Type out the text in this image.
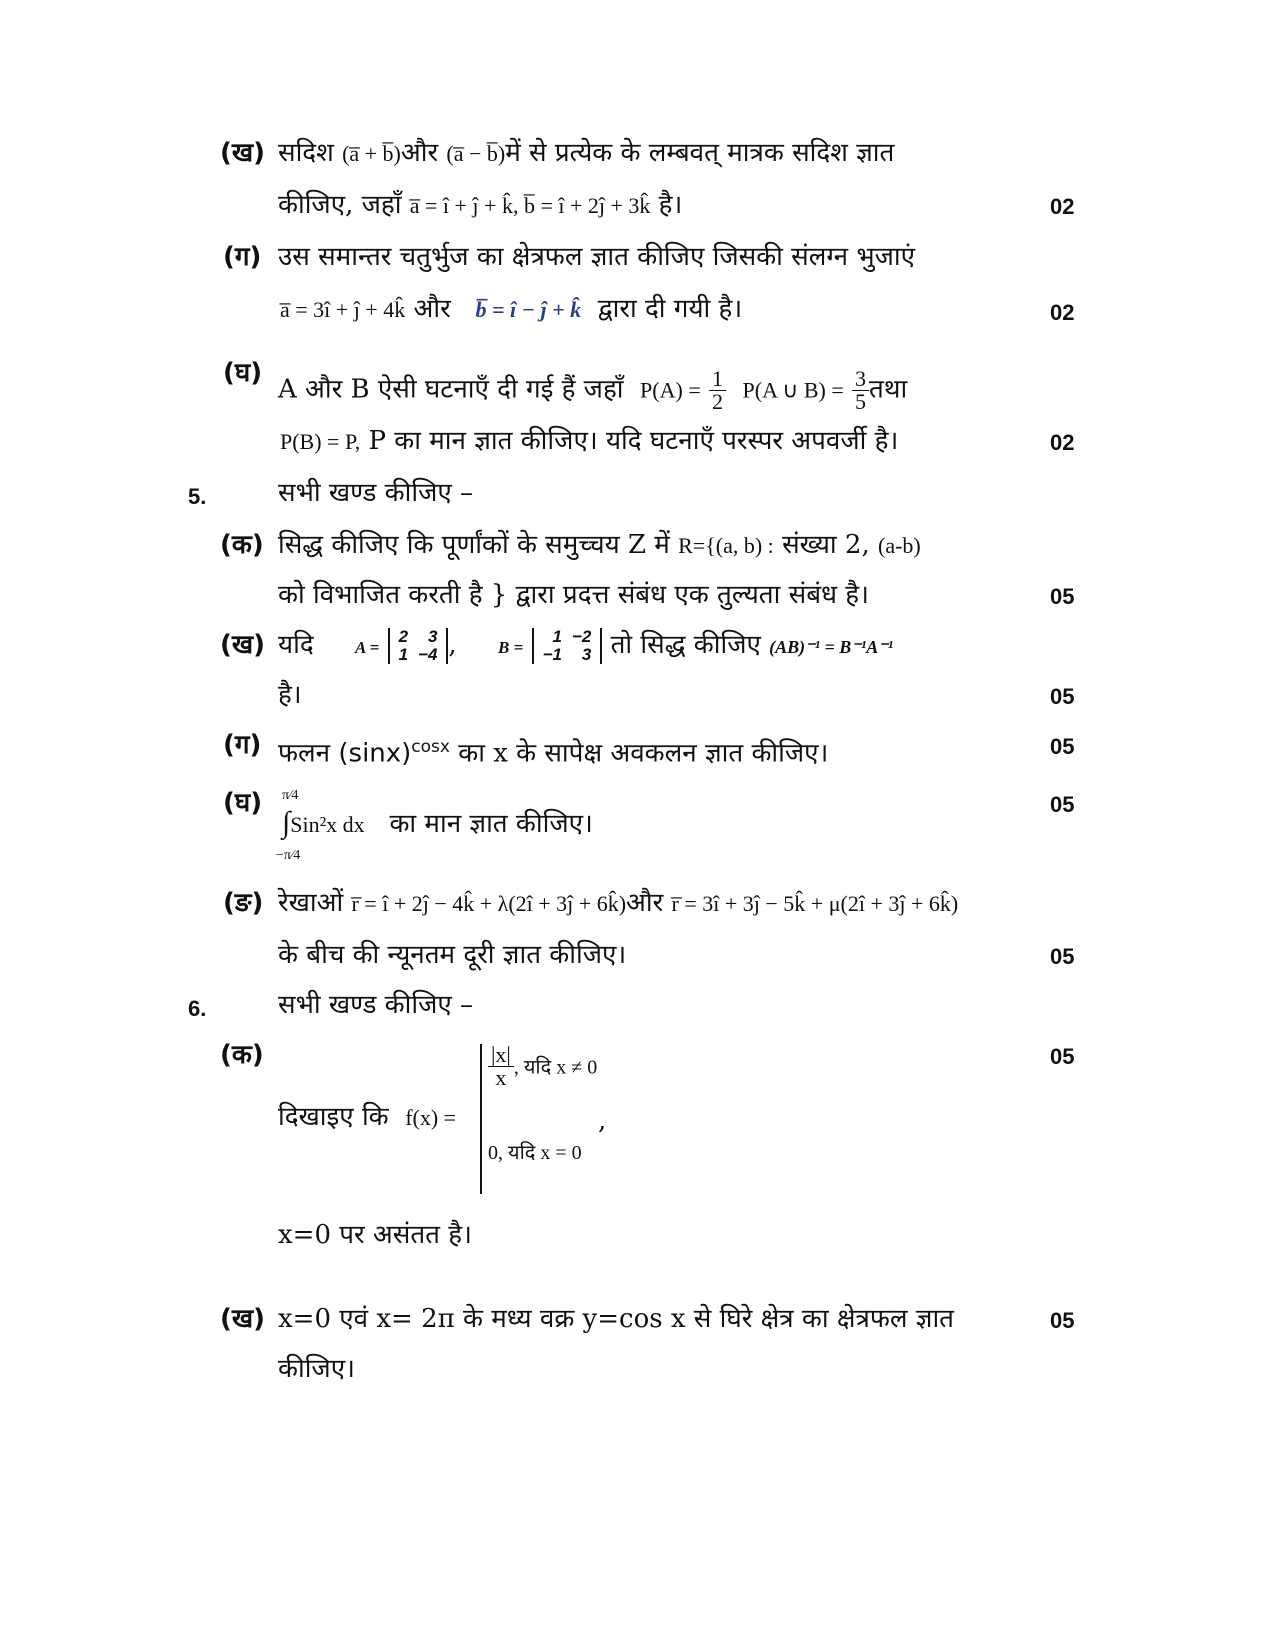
(ख) सदिश (a̅ + b̅)और (a̅ − b̅)में से प्रत्येक के लम्बवत् मात्रक सदिश ज्ञात
कीजिए, जहाँ a̅ = î + ĵ + k̂, b̅ = î + 2ĵ + 3k̂ है।	02
(ग) उस समान्तर चतुर्भुज का क्षेत्रफल ज्ञात कीजिए जिसकी संलग्न भुजाएं
a̅ = 3î + ĵ + 4k̂ और b̅ = î − ĵ + k̂ द्वारा दी गयी है।	02
(घ)
A और B ऐसी घटनाएँ दी गई हैं जहाँ $P(A) = \frac{1}{2} P(A$ ∪ $B) = \frac{3}{5}$ तथा
P(B) = P, P का मान ज्ञात कीजिए। यदि घटनाएँ परस्पर अपवर्जी है।	02
5.	सभी खण्ड कीजिए –
(क) सिद्ध कीजिए कि पूर्णांकों के समुच्चय Z में R={(a, b) : संख्या 2, (a-b)
को विभाजित करती है } द्वारा प्रदत्त संबंध एक तुल्यता संबंध है।	05
(ख) यदि A =
2	3
1	−4 ,     B =
1	−2
−1	3 तो सिद्ध कीजिए (AB)⁻¹ = B⁻¹A⁻¹
है।	05
(ग) फलन $(\sin x)^{cosx}$ का x के सापेक्ष अवकलन ज्ञात कीजिए।	05
(घ) π⁄4
∫Sin²x dx का मान ज्ञात कीजिए।
−π⁄4
05
(ङ) रेखाओं r̅ = î + 2ĵ − 4k̂ + λ(2î + 3ĵ + 6k̂)और r̅ = 3î + 3ĵ − 5k̂ + μ(2î + 3ĵ + 6k̂)
के बीच की न्यूनतम दूरी ज्ञात कीजिए।	05
6.	सभी खण्ड कीजिए –
(क)
दिखाइए कि f(x) =
$\frac{|x|}{x}$ , यदि x ≠ 0
,
0, यदि x = 0
x=0 पर असंतत है।
05
(ख) x=0 एवं x= 2π के मध्य वक्र y=cos x से घिरे क्षेत्र का क्षेत्रफल ज्ञात
कीजिए।
05
